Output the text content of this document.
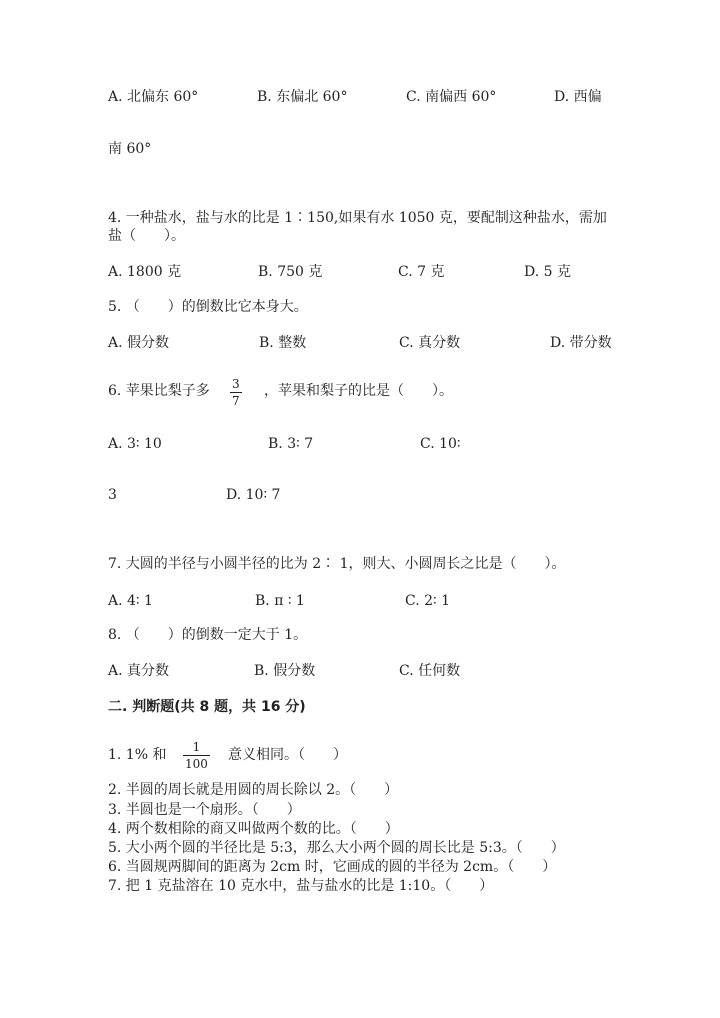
A. 北偏东 60°	B. 东偏北 60°	C. 南偏西 60°	D. 西偏
南 60°
4. 一种盐水，盐与水的比是 1∶150,如果有水 1050 克，要配制这种盐水，需加
盐（　　）。
A. 1800 克	B. 750 克	C. 7 克	D. 5 克
5. （　　）的倒数比它本身大。
A. 假分数	B. 整数	C. 真分数	D. 带分数
6. 苹果比梨子多 3
7
，苹果和梨子的比是（　　）。
A. 3∶ 10	B. 3∶ 7	C. 10∶
3	D. 10∶ 7
7. 大圆的半径与小圆半径的比为 2∶ 1，则大、小圆周长之比是（　　）。
A. 4∶ 1	B. π ∶ 1	C. 2∶ 1
8. （　　）的倒数一定大于 1。
A. 真分数	B. 假分数	C. 任何数
二. 判断题(共 8 题，共 16 分)
1. 1% 和 1
100
意义相同。（　　）
2. 半圆的周长就是用圆的周长除以 2。（　　）
3. 半圆也是一个扇形。（　　）
4. 两个数相除的商又叫做两个数的比。（　　）
5. 大小两个圆的半径比是 5:3，那么大小两个圆的周长比是 5:3。（　　）
6. 当圆规两脚间的距离为 2cm 时，它画成的圆的半径为 2cm。（　　）
7. 把 1 克盐溶在 10 克水中，盐与盐水的比是 1:10。（　　）
